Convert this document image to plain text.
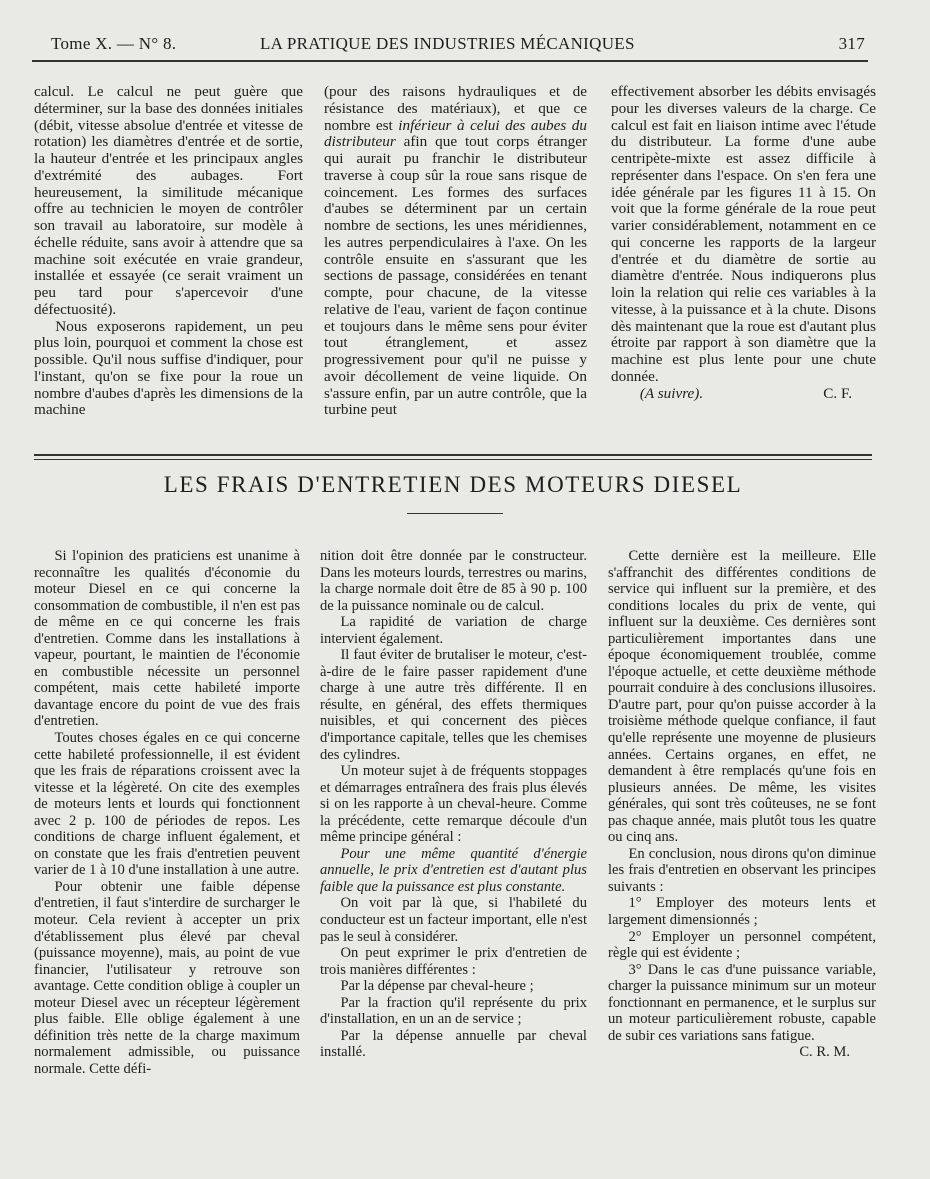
Tome X. — N° 8.	LA PRATIQUE DES INDUSTRIES MÉCANIQUES	317

calcul. Le calcul ne peut guère que déterminer, sur la base des données initiales (débit, vitesse absolue d'entrée et vitesse de rotation) les diamètres d'entrée et de sortie, la hauteur d'entrée et les principaux angles d'extrémité des aubages. Fort heureusement, la similitude mécanique offre au technicien le moyen de contrôler son travail au laboratoire, sur modèle à échelle réduite, sans avoir à attendre que sa machine soit exécutée en vraie grandeur, installée et essayée (ce serait vraiment un peu tard pour s'apercevoir d'une défectuosité).

Nous exposerons rapidement, un peu plus loin, pourquoi et comment la chose est possible. Qu'il nous suffise d'indiquer, pour l'instant, qu'on se fixe pour la roue un nombre d'aubes d'après les dimensions de la machine

(pour des raisons hydrauliques et de résistance des matériaux), et que ce nombre est inférieur à celui des aubes du distributeur afin que tout corps étranger qui aurait pu franchir le distributeur traverse à coup sûr la roue sans risque de coincement. Les formes des surfaces d'aubes se déterminent par un certain nombre de sections, les unes méridiennes, les autres perpendiculaires à l'axe. On les contrôle ensuite en s'assurant que les sections de passage, considérées en tenant compte, pour chacune, de la vitesse relative de l'eau, varient de façon continue et toujours dans le même sens pour éviter tout étranglement, et assez progressivement pour qu'il ne puisse y avoir décollement de veine liquide. On s'assure enfin, par un autre contrôle, que la turbine peut

effectivement absorber les débits envisagés pour les diverses valeurs de la charge. Ce calcul est fait en liaison intime avec l'étude du distributeur. La forme d'une aube centripète-mixte est assez difficile à représenter dans l'espace. On s'en fera une idée générale par les figures 11 à 15. On voit que la forme générale de la roue peut varier considérablement, notamment en ce qui concerne les rapports de la largeur d'entrée et du diamètre de sortie au diamètre d'entrée. Nous indiquerons plus loin la relation qui relie ces variables à la vitesse, à la puissance et à la chute. Disons dès maintenant que la roue est d'autant plus étroite par rapport à son diamètre que la machine est plus lente pour une chute donnée.

(A suivre).	C. F.

LES FRAIS D'ENTRETIEN DES MOTEURS DIESEL

Si l'opinion des praticiens est unanime à reconnaître les qualités d'économie du moteur Diesel en ce qui concerne la consommation de combustible, il n'en est pas de même en ce qui concerne les frais d'entretien. Comme dans les installations à vapeur, pourtant, le maintien de l'économie en combustible nécessite un personnel compétent, mais cette habileté importe davantage encore du point de vue des frais d'entretien.

Toutes choses égales en ce qui concerne cette habileté professionnelle, il est évident que les frais de réparations croissent avec la vitesse et la légèreté. On cite des exemples de moteurs lents et lourds qui fonctionnent avec 2 p. 100 de périodes de repos. Les conditions de charge influent également, et on constate que les frais d'entretien peuvent varier de 1 à 10 d'une installation à une autre.

Pour obtenir une faible dépense d'entretien, il faut s'interdire de surcharger le moteur. Cela revient à accepter un prix d'établissement plus élevé par cheval (puissance moyenne), mais, au point de vue financier, l'utilisateur y retrouve son avantage. Cette condition oblige à coupler un moteur Diesel avec un récepteur légèrement plus faible. Elle oblige également à une définition très nette de la charge maximum normalement admissible, ou puissance normale. Cette défi-

nition doit être donnée par le constructeur. Dans les moteurs lourds, terrestres ou marins, la charge normale doit être de 85 à 90 p. 100 de la puissance nominale ou de calcul.

La rapidité de variation de charge intervient également.

Il faut éviter de brutaliser le moteur, c'est-à-dire de le faire passer rapidement d'une charge à une autre très différente. Il en résulte, en général, des effets thermiques nuisibles, et qui concernent des pièces d'importance capitale, telles que les chemises des cylindres.

Un moteur sujet à de fréquents stoppages et démarrages entraînera des frais plus élevés si on les rapporte à un cheval-heure. Comme la précédente, cette remarque découle d'un même principe général :

Pour une même quantité d'énergie annuelle, le prix d'entretien est d'autant plus faible que la puissance est plus constante.

On voit par là que, si l'habileté du conducteur est un facteur important, elle n'est pas le seul à considérer.

On peut exprimer le prix d'entretien de trois manières différentes :

Par la dépense par cheval-heure ;

Par la fraction qu'il représente du prix d'installation, en un an de service ;

Par la dépense annuelle par cheval installé.

Cette dernière est la meilleure. Elle s'affranchit des différentes conditions de service qui influent sur la première, et des conditions locales du prix de vente, qui influent sur la deuxième. Ces dernières sont particulièrement importantes dans une époque économiquement troublée, comme l'époque actuelle, et cette deuxième méthode pourrait conduire à des conclusions illusoires. D'autre part, pour qu'on puisse accorder à la troisième méthode quelque confiance, il faut qu'elle représente une moyenne de plusieurs années. Certains organes, en effet, ne demandent à être remplacés qu'une fois en plusieurs années. De même, les visites générales, qui sont très coûteuses, ne se font pas chaque année, mais plutôt tous les quatre ou cinq ans.

En conclusion, nous dirons qu'on diminue les frais d'entretien en observant les principes suivants :

1° Employer des moteurs lents et largement dimensionnés ;

2° Employer un personnel compétent, règle qui est évidente ;

3° Dans le cas d'une puissance variable, charger la puissance minimum sur un moteur fonctionnant en permanence, et le surplus sur un moteur particulièrement robuste, capable de subir ces variations sans fatigue.

C. R. M.
